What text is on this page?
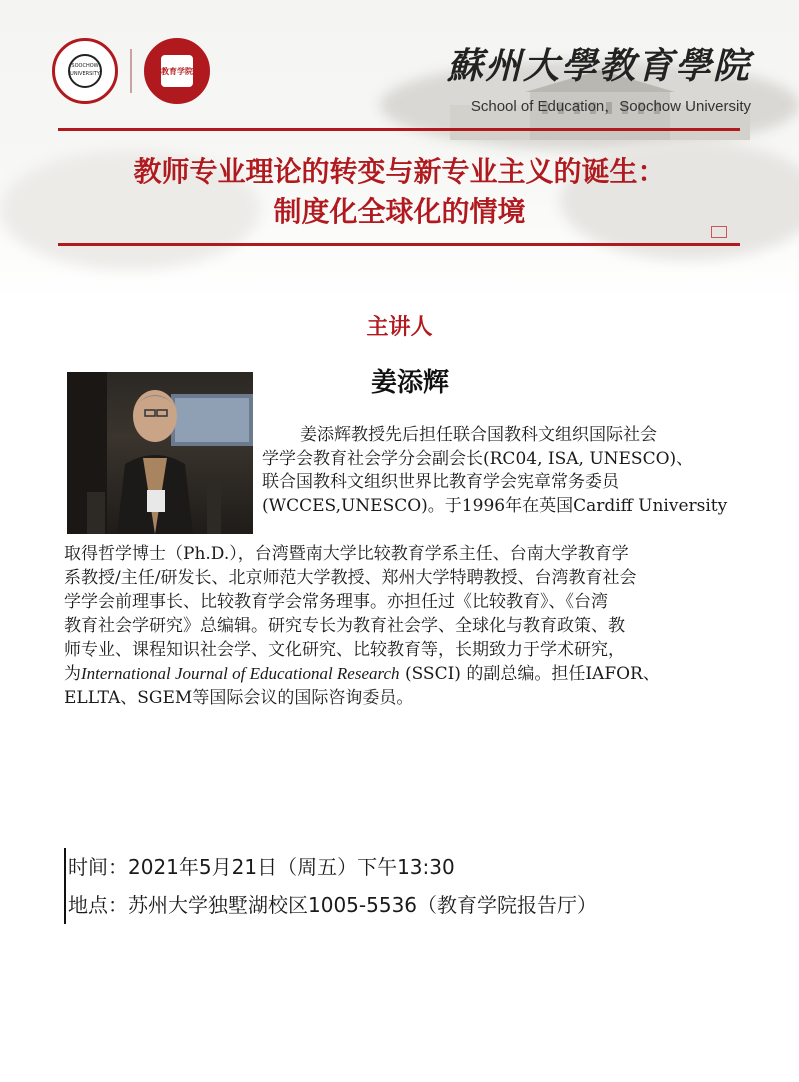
SOOCHOW UNIVERSITY	教育学院	蘇州大學教育學院
School of Education，Soochow University
教师专业理论的转变与新专业主义的诞生：
制度化全球化的情境
主讲人
姜添辉
姜添辉教授先后担任联合国教科文组织国际社会
学学会教育社会学分会副会长(RC04, ISA, UNESCO)、
联合国教科文组织世界比教育学会宪章常务委员
(WCCES,UNESCO)。于1996年在英国Cardiff University
取得哲学博士（Ph.D.），台湾暨南大学比较教育学系主任、台南大学教育学
系教授/主任/研发长、北京师范大学教授、郑州大学特聘教授、台湾教育社会
学学会前理事长、比较教育学会常务理事。亦担任过《比较教育》、《台湾
教育社会学研究》总编辑。研究专长为教育社会学、全球化与教育政策、教
师专业、课程知识社会学、文化研究、比较教育等，长期致力于学术研究，
为International Journal of Educational Research (SSCI) 的副总编。担任IAFOR、
ELLTA、SGEM等国际会议的国际咨询委员。
时间：2021年5月21日（周五）下午13:30
地点：苏州大学独墅湖校区1005-5536（教育学院报告厅）
